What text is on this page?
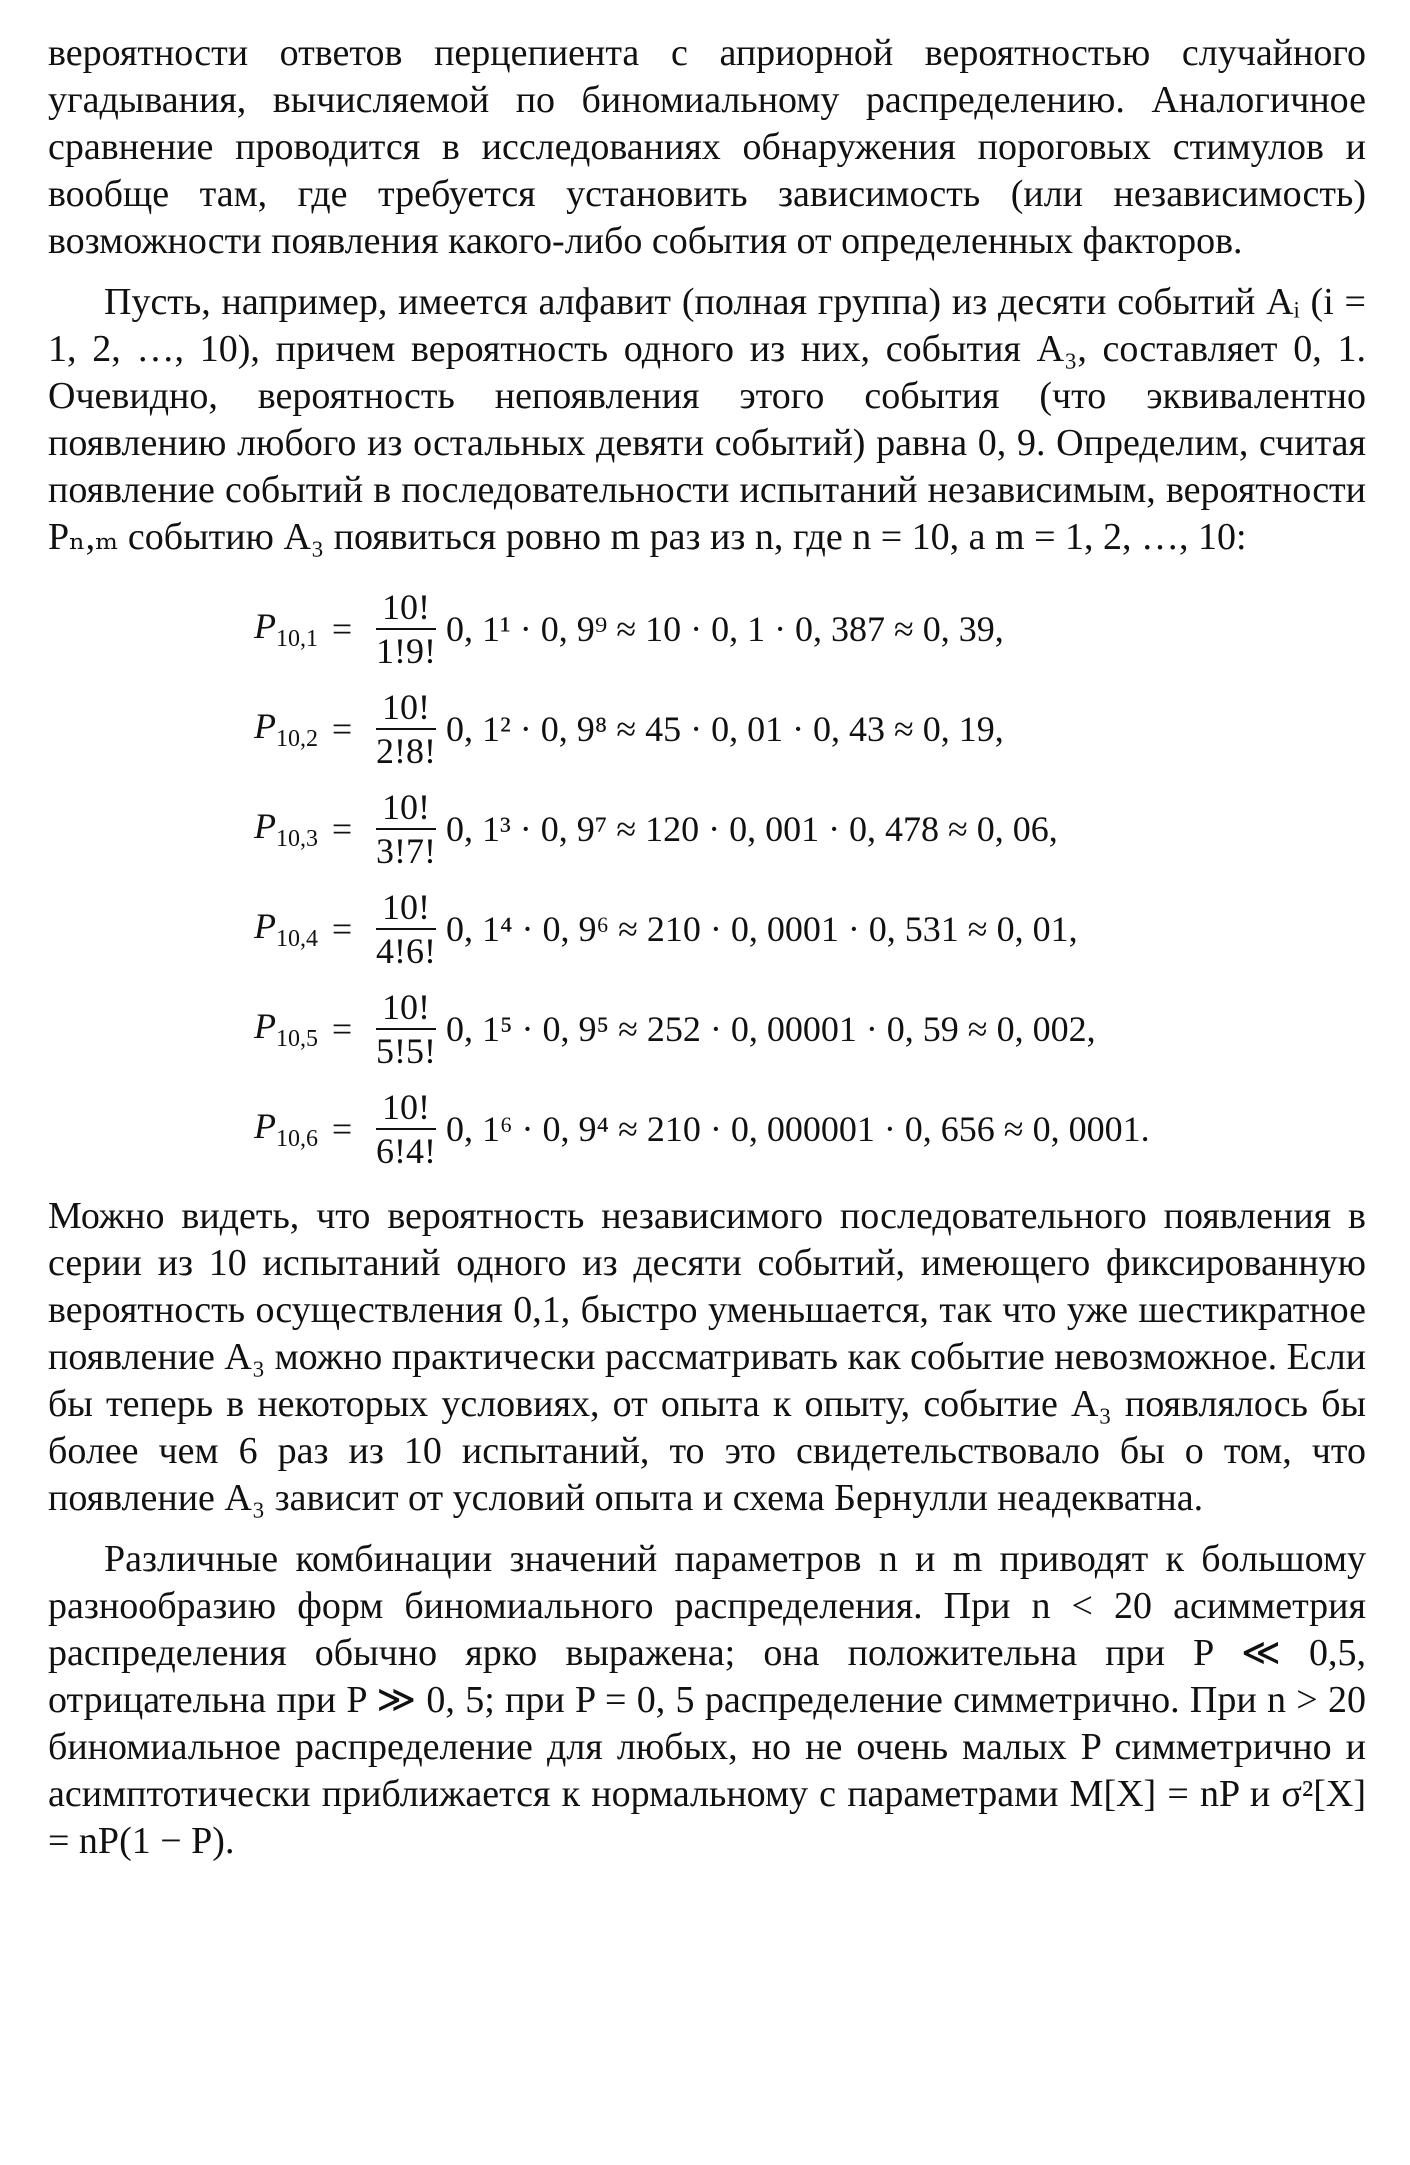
вероятности ответов перцепиента с априорной вероятностью случайного угадывания, вычисляемой по биномиальному распределению. Аналогичное сравнение проводится в исследованиях обнаружения пороговых стимулов и вообще там, где требуется установить зависимость (или независимость) возможности появления какого-либо события от определенных факторов.

Пусть, например, имеется алфавит (полная группа) из десяти событий Aᵢ (i = 1, 2, …, 10), причем вероятность одного из них, события A₃, составляет 0, 1. Очевидно, вероятность непоявления этого события (что эквивалентно появлению любого из остальных девяти событий) равна 0, 9. Определим, считая появление событий в последовательности испытаний независимым, вероятности Pₙ,ₘ событию A₃ появиться ровно m раз из n, где n = 10, а m = 1, 2, …, 10:

$P_{10,1} = \frac{10!}{1!9!} 0$, 1¹ · 0, 9⁹ ≈ 10 · 0, 1 · 0, 387 ≈ 0, 39,
$P_{10,2} = \frac{10!}{2!8!} 0$, 1² · 0, 9⁸ ≈ 45 · 0, 01 · 0, 43 ≈ 0, 19,
$P_{10,3} = \frac{10!}{3!7!} 0$, 1³ · 0, 9⁷ ≈ 120 · 0, 001 · 0, 478 ≈ 0, 06,
$P_{10,4} = \frac{10!}{4!6!} 0$, 1⁴ · 0, 9⁶ ≈ 210 · 0, 0001 · 0, 531 ≈ 0, 01,
$P_{10,5} = \frac{10!}{5!5!} 0$, 1⁵ · 0, 9⁵ ≈ 252 · 0, 00001 · 0, 59 ≈ 0, 002,
$P_{10,6} = \frac{10!}{6!4!} 0$, 1⁶ · 0, 9⁴ ≈ 210 · 0, 000001 · 0, 656 ≈ 0, 0001.

Можно видеть, что вероятность независимого последовательного появления в серии из 10 испытаний одного из десяти событий, имеющего фиксированную вероятность осуществления 0,1, быстро уменьшается, так что уже шестикратное появление A₃ можно практически рассматривать как событие невозможное. Если бы теперь в некоторых условиях, от опыта к опыту, событие A₃ появлялось бы более чем 6 раз из 10 испытаний, то это свидетельствовало бы о том, что появление A₃ зависит от условий опыта и схема Бернулли неадекватна.

Различные комбинации значений параметров n и m приводят к большому разнообразию форм биномиального распределения. При n < 20 асимметрия распределения обычно ярко выражена; она положительна при P ≪ 0,5, отрицательна при P ≫ 0, 5; при P = 0, 5 распределение симметрично. При n > 20 биномиальное распределение для любых, но не очень малых P симметрично и асимптотически приближается к нормальному с параметрами M[X] = nP и σ²[X] = nP(1 − P).
